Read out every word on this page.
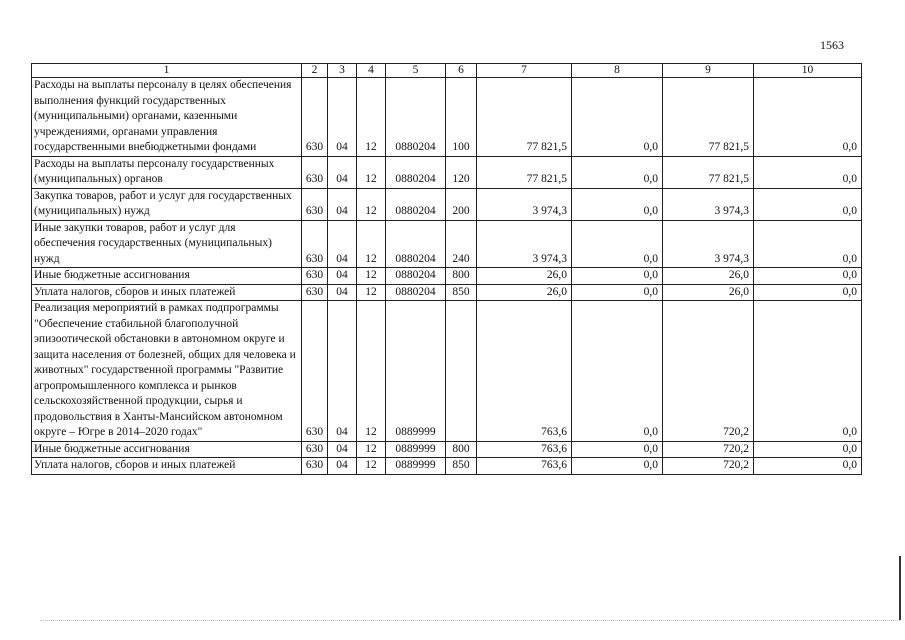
1563
1	2	3	4	5	6	7	8	9	10
Расходы на выплаты персоналу в целях обеспечения выполнения функций государственных (муниципальными) органами, казенными учреждениями, органами управления государственными внебюджетными фондами	630	04	12	0880204	100	77 821,5	0,0	77 821,5	0,0
Расходы на выплаты персоналу государственных (муниципальных) органов	630	04	12	0880204	120	77 821,5	0,0	77 821,5	0,0
Закупка товаров, работ и услуг для государственных (муниципальных) нужд	630	04	12	0880204	200	3 974,3	0,0	3 974,3	0,0
Иные закупки товаров, работ и услуг для обеспечения государственных (муниципальных) нужд	630	04	12	0880204	240	3 974,3	0,0	3 974,3	0,0
Иные бюджетные ассигнования	630	04	12	0880204	800	26,0	0,0	26,0	0,0
Уплата налогов, сборов и иных платежей	630	04	12	0880204	850	26,0	0,0	26,0	0,0
Реализация мероприятий в рамках подпрограммы "Обеспечение стабильной благополучной эпизоотической обстановки в автономном округе и защита населения от болезней, общих для человека и животных" государственной программы "Развитие агропромышленного комплекса и рынков сельскохозяйственной продукции, сырья и продовольствия в Ханты-Мансийском автономном округе – Югре в 2014–2020 годах"	630	04	12	0889999		763,6	0,0	720,2	0,0
Иные бюджетные ассигнования	630	04	12	0889999	800	763,6	0,0	720,2	0,0
Уплата налогов, сборов и иных платежей	630	04	12	0889999	850	763,6	0,0	720,2	0,0
